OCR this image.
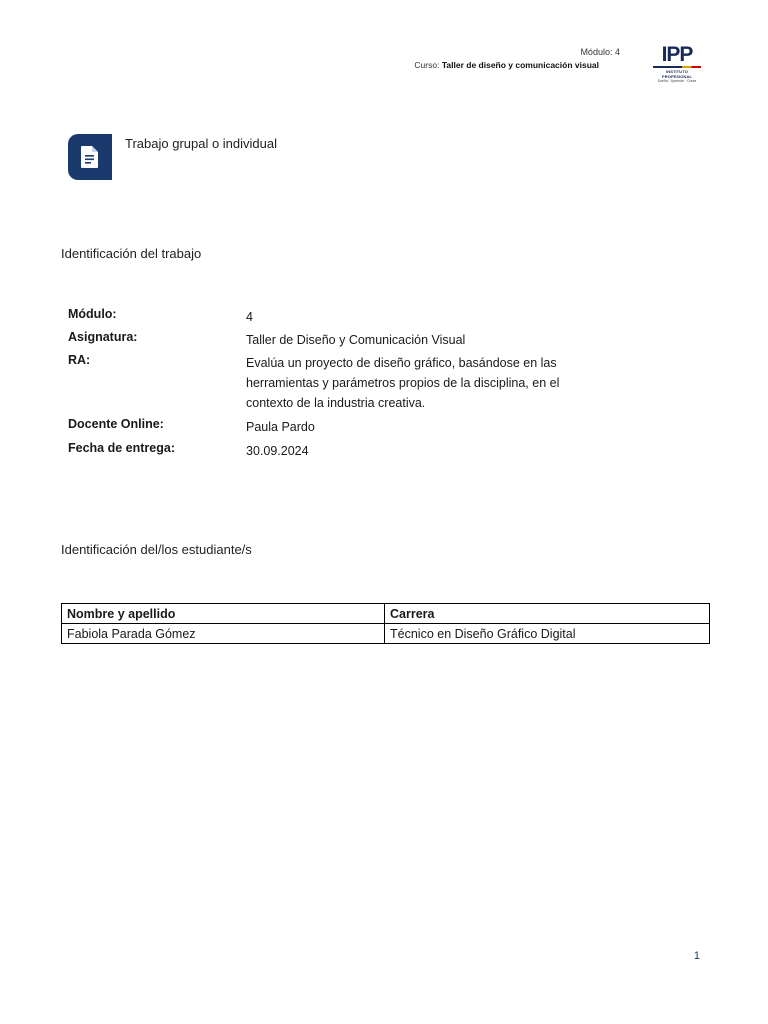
Módulo: 4
Curso: Taller de diseño y comunicación visual	IPP
INSTITUTO PROFESIONAL
Sueña · Aprende · Crece
Trabajo grupal o individual
Identificación del trabajo
Módulo:	4
Asignatura:	Taller de Diseño y Comunicación Visual
RA:	Evalúa un proyecto de diseño gráfico, basándose en las herramientas y parámetros propios de la disciplina, en el contexto de la industria creativa.
Docente Online:	Paula Pardo
Fecha de entrega:	30.09.2024
Identificación del/los estudiante/s
Nombre y apellido	Carrera
Fabiola Parada Gómez	Técnico en Diseño Gráfico Digital
1
